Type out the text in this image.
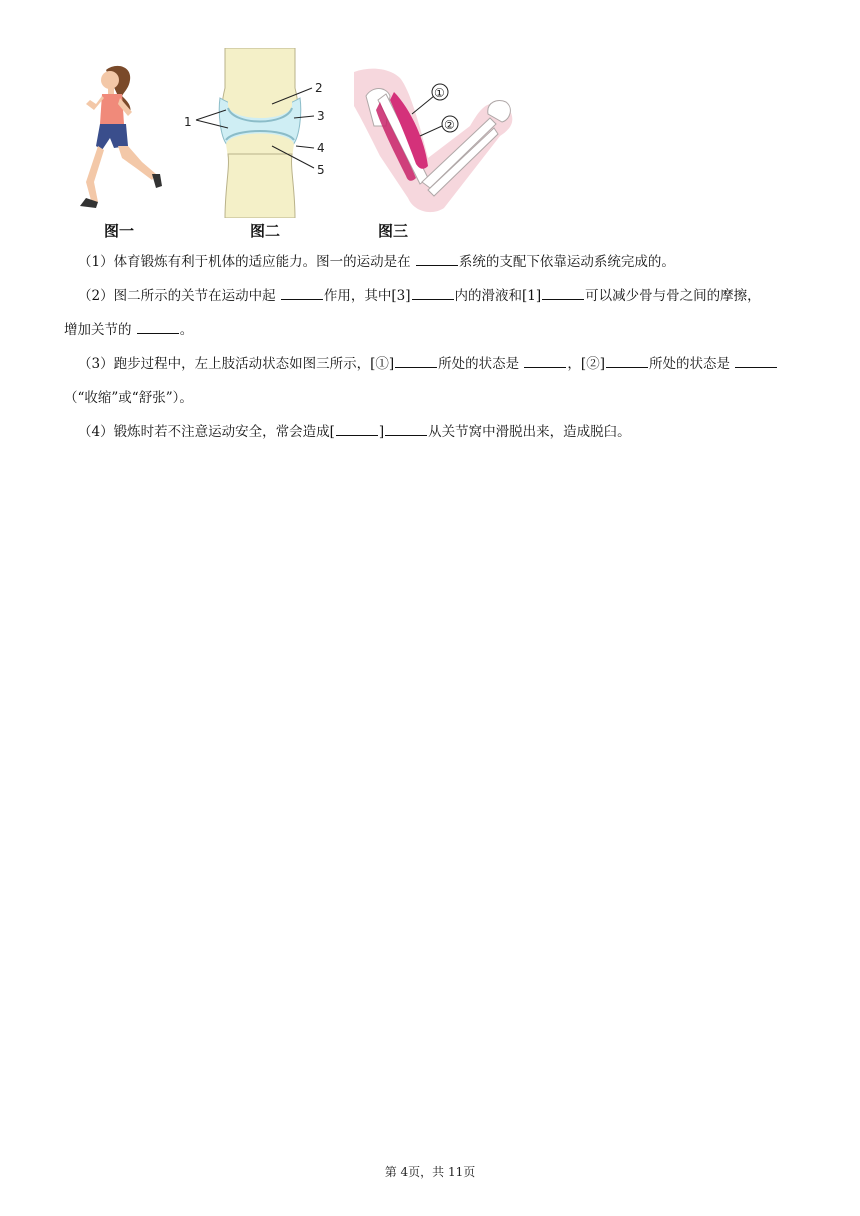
图一
1
2
3
4
5
图二
①
②
图三
（1）体育锻炼有利于机体的适应能力。图一的运动是在	系统的支配下依靠运动系统完成的。
（2）图二所示的关节在运动中起	作用，其中[3]	内的滑液和[1]	可以减少骨与骨之间的摩擦，
增加关节的	。
（3）跑步过程中，左上肢活动状态如图三所示，[①]	所处的状态是	，[②]	所处的状态是
（“收缩”或“舒张”）。
（4）锻炼时若不注意运动安全，常会造成[	]	从关节窝中滑脱出来，造成脱臼。
第 4页，共 11页
